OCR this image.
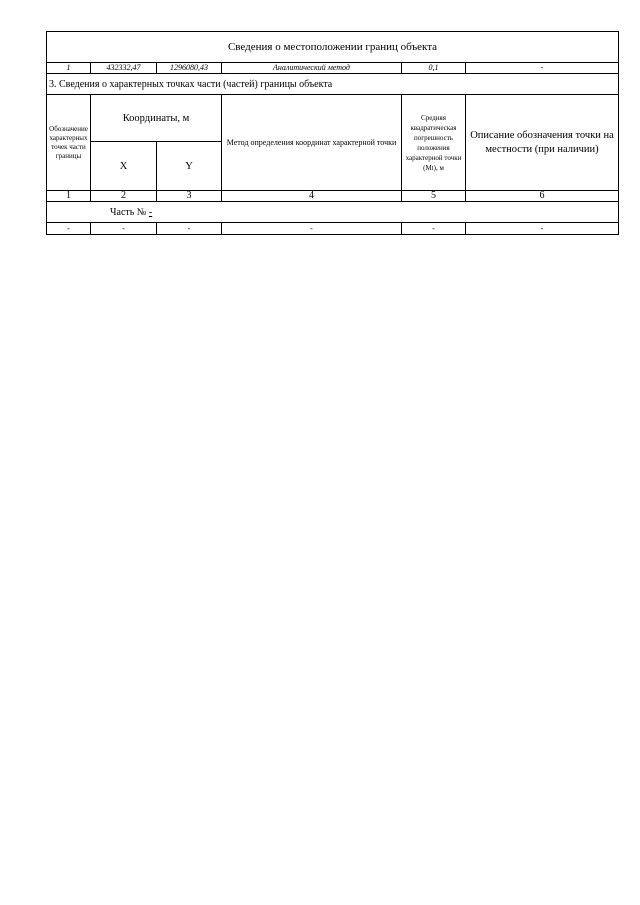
Сведения о местоположении границ объекта					
1	432332,47	1296080,43	Аналитический метод	0,1	-
3. Сведения о характерных точках части (частей) границы объекта					
Обозначение характерных точек части границы	Координаты, м		Метод определения координат характерной точки	Средняя квадратическая погрешность положения характерной точки (Mt), м	Описание обозначения точки на местности (при наличии)
	X	Y			
1	2	3	4	5	6
Часть № -					
-	-	-	-	-	-
